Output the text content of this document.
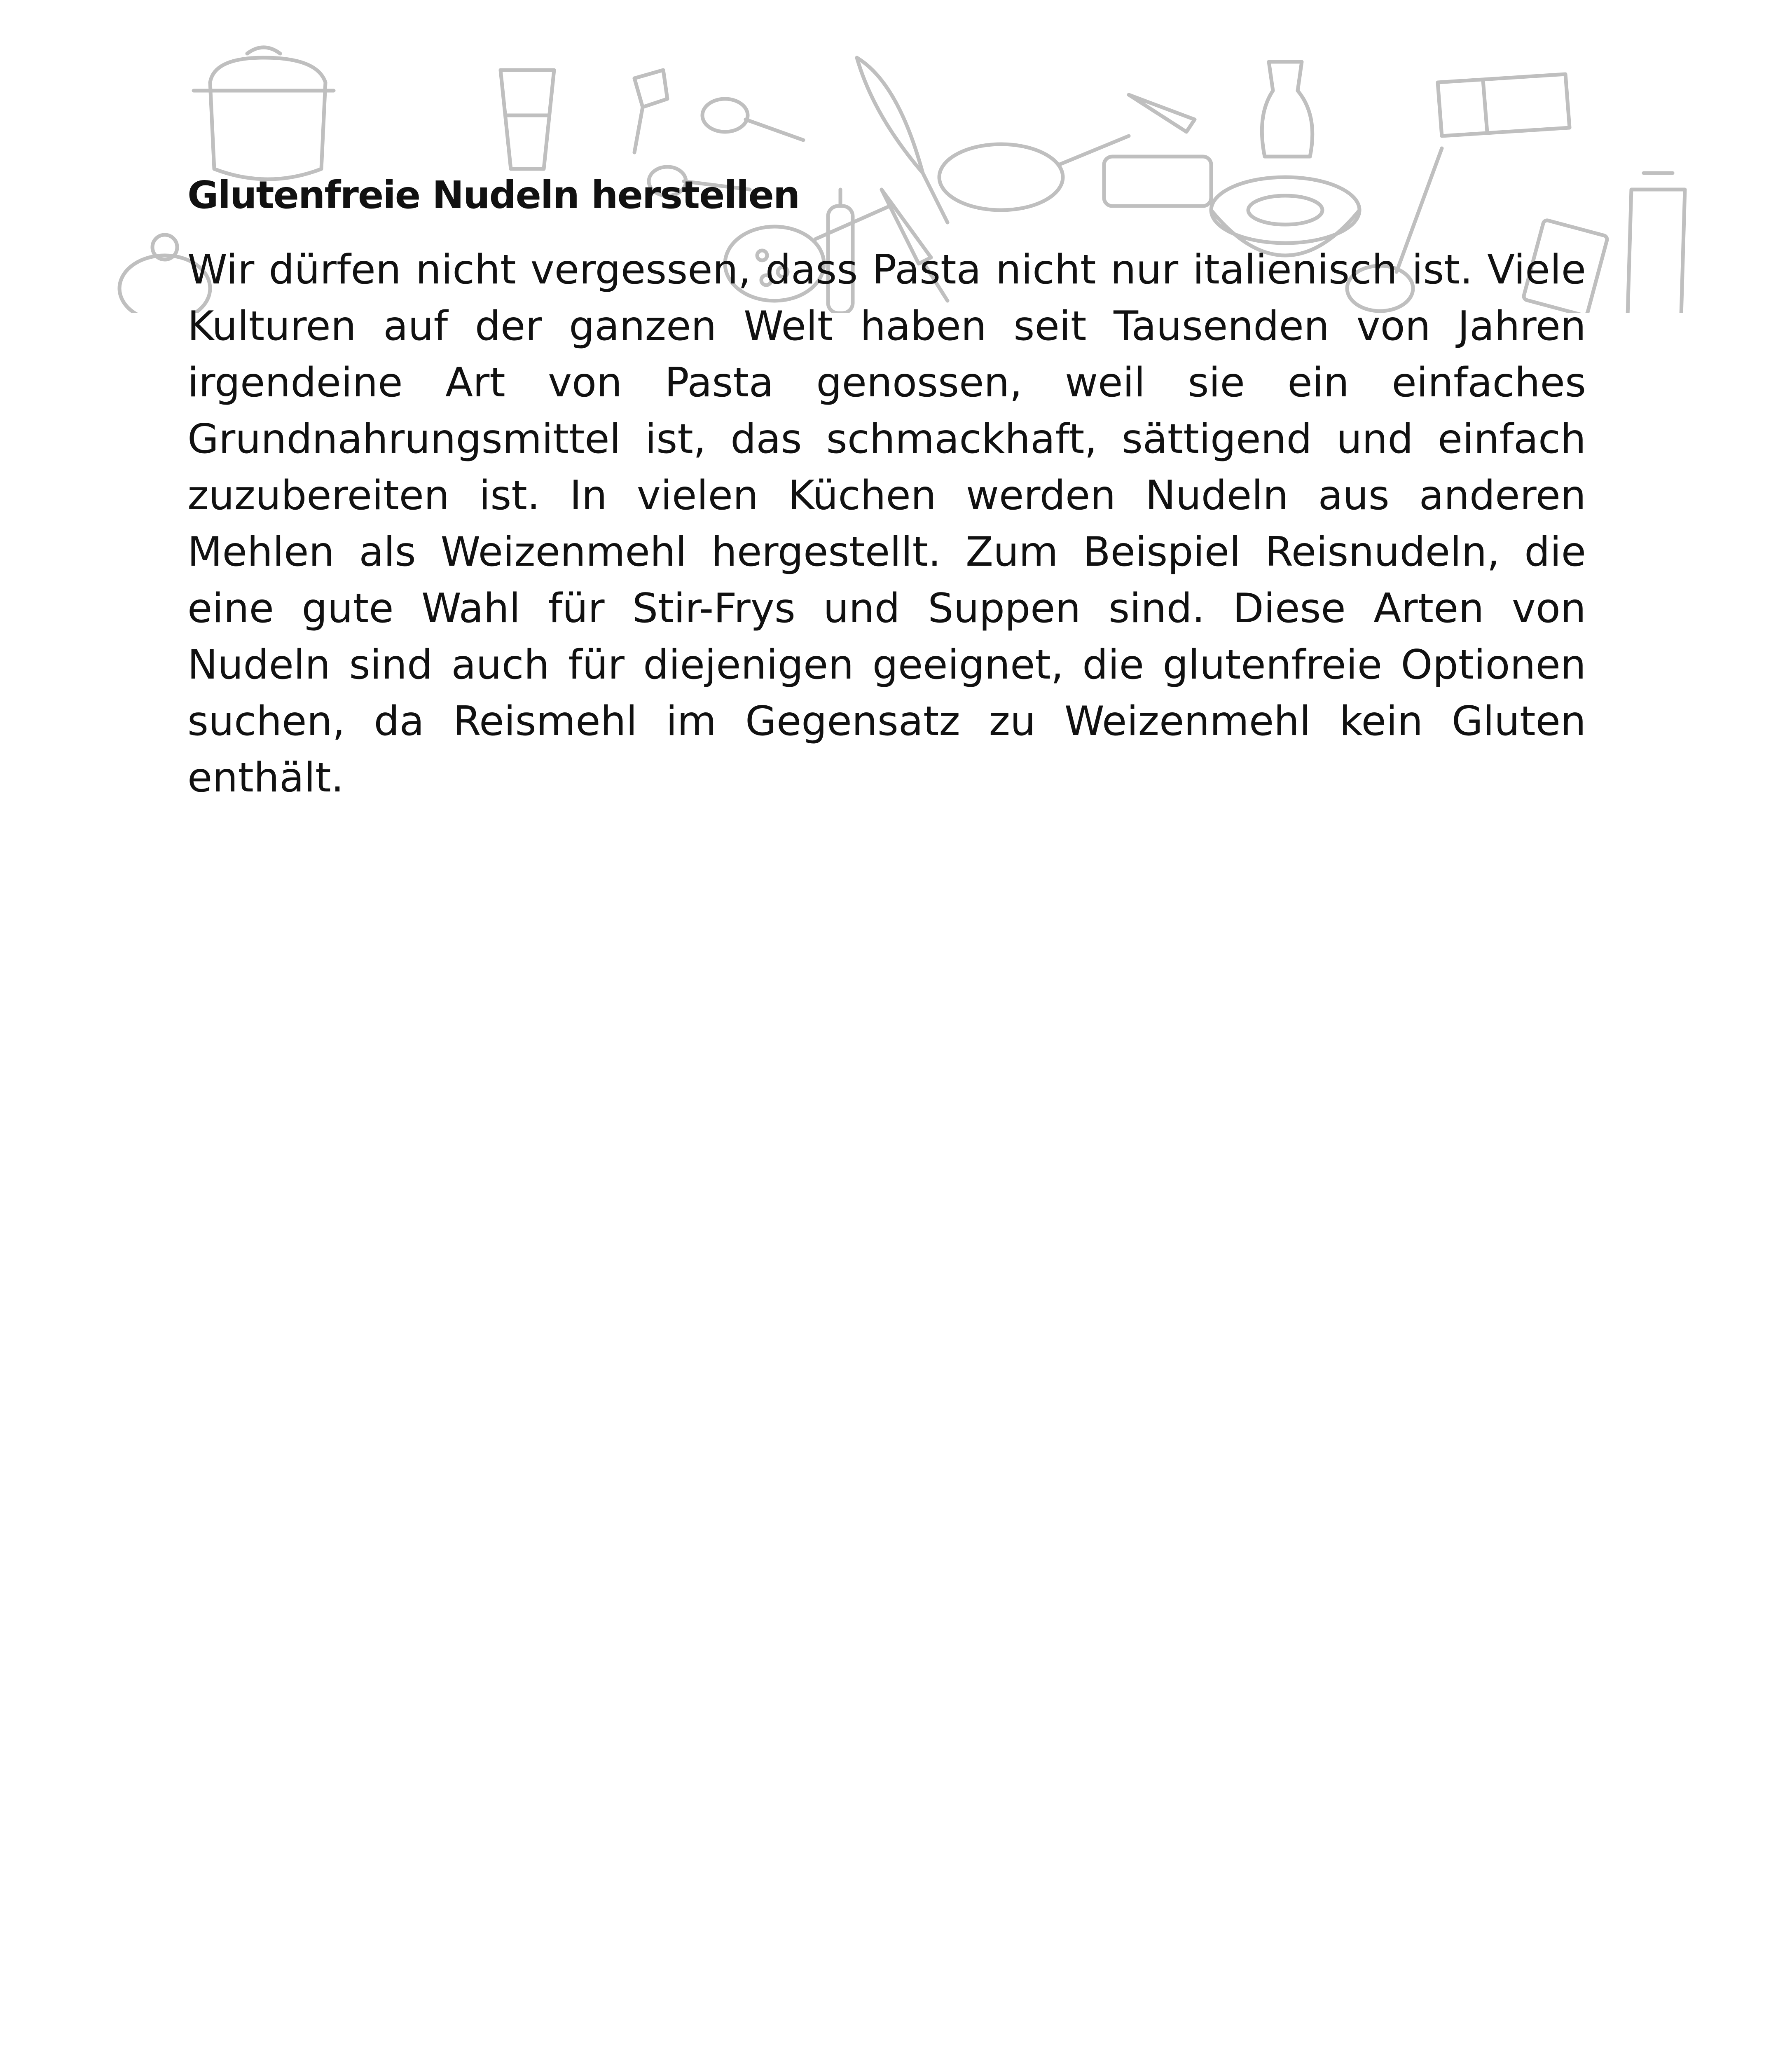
Glutenfreie Nudeln herstellen

Wir dürfen nicht vergessen, dass Pasta nicht nur italienisch ist. Viele Kulturen auf der ganzen Welt haben seit Tausenden von Jahren irgendeine Art von Pasta genossen, weil sie ein einfaches Grundnahrungsmittel ist, das schmackhaft, sättigend und einfach zuzubereiten ist. In vielen Küchen werden Nudeln aus anderen Mehlen als Weizenmehl hergestellt. Zum Beispiel Reisnudeln, die eine gute Wahl für Stir-Frys und Suppen sind. Diese Arten von Nudeln sind auch für diejenigen geeignet, die glutenfreie Optionen suchen, da Reismehl im Gegensatz zu Weizenmehl kein Gluten enthält.
